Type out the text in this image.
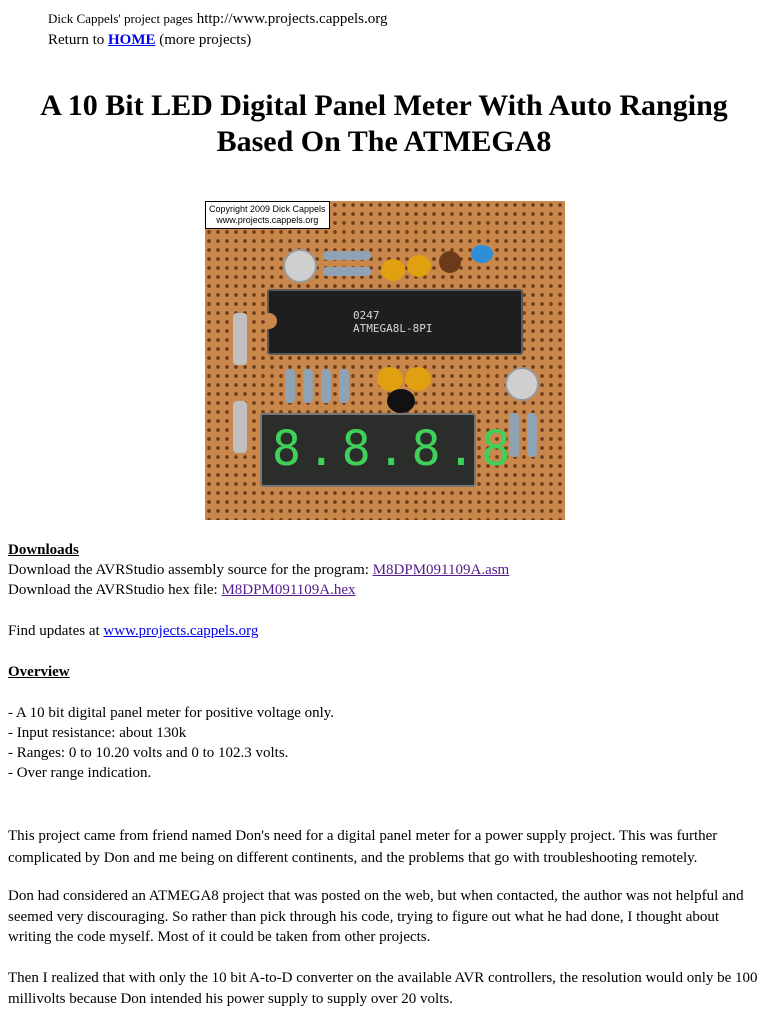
Dick Cappels' project pages http://www.projects.cappels.org
Return to HOME (more projects)
A 10 Bit LED Digital Panel Meter With Auto Ranging
Based On The ATMEGA8
Copyright 2009 Dick Cappels
www.projects.cappels.org
0247
ATMEGA8L-8PI
8.8.8.8
Downloads
Download the AVRStudio assembly source for the program: M8DPM091109A.asm
Download the AVRStudio hex file: M8DPM091109A.hex
Find updates at www.projects.cappels.org
Overview
- A 10 bit digital panel meter for positive voltage only.
- Input resistance: about 130k
- Ranges: 0 to 10.20 volts and 0 to 102.3 volts.
- Over range indication.
This project came from friend named Don's need for a digital panel meter for a power supply project. This was further complicated by Don and me being on different continents, and the problems that go with troubleshooting remotely.
Don had considered an ATMEGA8 project that was posted on the web, but when contacted, the author was not helpful and seemed very discouraging. So rather than pick through his code, trying to figure out what he had done, I thought about writing the code myself. Most of it could be taken from other projects.
Then I realized that with only the 10 bit A-to-D converter on the available AVR controllers, the resolution would only be 100 millivolts because Don intended his power supply to supply over 20 volts.
